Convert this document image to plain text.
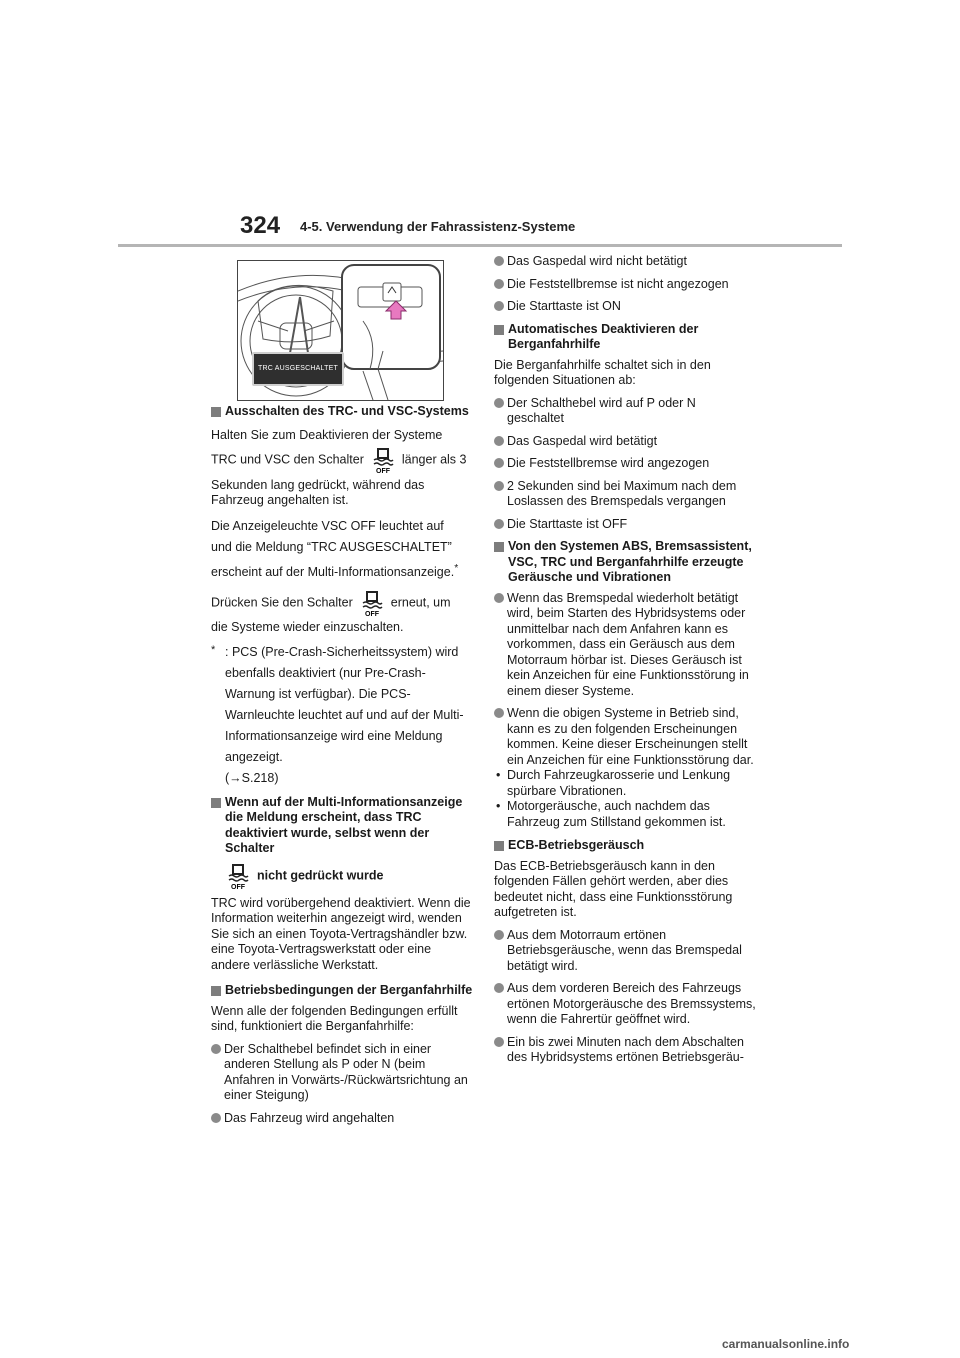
324 4-5. Verwendung der Fahrassistenz-Systeme
TRC AUSGESCHALTET
Ausschalten des TRC- und VSC-Systems
Halten Sie zum Deaktivieren der Systeme
TRC und VSC den Schalter
OFF
länger als 3

Sekunden lang gedrückt, während das Fahrzeug angehalten ist.
Die Anzeigeleuchte VSC OFF leuchtet auf
und die Meldung “TRC AUSGESCHALTET”
erscheint auf der Multi-Informationsanzeige.*
Drücken Sie den Schalter
OFF
erneut, um
die Systeme wieder einzuschalten.
* : PCS (Pre-Crash-Sicherheitssystem) wird ebenfalls deaktiviert (nur Pre-Crash-Warnung ist verfügbar). Die PCS-Warnleuchte leuchtet auf und auf der Multi-Informationsanzeige wird eine Meldung angezeigt.
(→S.218)
Wenn auf der Multi-Informationsanzeige die Meldung erscheint, dass TRC deaktiviert wurde, selbst wenn der Schalter
OFF
nicht gedrückt wurde
TRC wird vorübergehend deaktiviert. Wenn die Information weiterhin angezeigt wird, wenden Sie sich an einen Toyota-Vertragshändler bzw. eine Toyota-Vertragswerkstatt oder eine andere verlässliche Werkstatt.
Betriebsbedingungen der Berganfahrhilfe
Wenn alle der folgenden Bedingungen erfüllt sind, funktioniert die Berganfahrhilfe:
Der Schalthebel befindet sich in einer anderen Stellung als P oder N (beim Anfahren in Vorwärts-/Rückwärtsrichtung an einer Steigung)
Das Fahrzeug wird angehalten
Das Gaspedal wird nicht betätigt
Die Feststellbremse ist nicht angezogen
Die Starttaste ist ON
Automatisches Deaktivieren der Berganfahrhilfe
Die Berganfahrhilfe schaltet sich in den folgenden Situationen ab:
Der Schalthebel wird auf P oder N geschaltet
Das Gaspedal wird betätigt
Die Feststellbremse wird angezogen
2 Sekunden sind bei Maximum nach dem Loslassen des Bremspedals vergangen
Die Starttaste ist OFF
Von den Systemen ABS, Bremsassistent, VSC, TRC und Berganfahrhilfe erzeugte Geräusche und Vibrationen
Wenn das Bremspedal wiederholt betätigt wird, beim Starten des Hybridsystems oder unmittelbar nach dem Anfahren kann es vorkommen, dass ein Geräusch aus dem Motorraum hörbar ist. Dieses Geräusch ist kein Anzeichen für eine Funktionsstörung in einem dieser Systeme.
Wenn die obigen Systeme in Betrieb sind, kann es zu den folgenden Erscheinungen kommen. Keine dieser Erscheinungen stellt ein Anzeichen für eine Funktionsstörung dar.
• Durch Fahrzeugkarosserie und Lenkung spürbare Vibrationen.
• Motorgeräusche, auch nachdem das Fahrzeug zum Stillstand gekommen ist.
ECB-Betriebsgeräusch
Das ECB-Betriebsgeräusch kann in den folgenden Fällen gehört werden, aber dies bedeutet nicht, dass eine Funktionsstörung aufgetreten ist.
Aus dem Motorraum ertönen Betriebsgeräusche, wenn das Bremspedal betätigt wird.
Aus dem vorderen Bereich des Fahrzeugs ertönen Motorgeräusche des Bremssystems, wenn die Fahrertür geöffnet wird.
Ein bis zwei Minuten nach dem Abschalten des Hybridsystems ertönen Betriebsgeräu-
carmanualsonline.info
